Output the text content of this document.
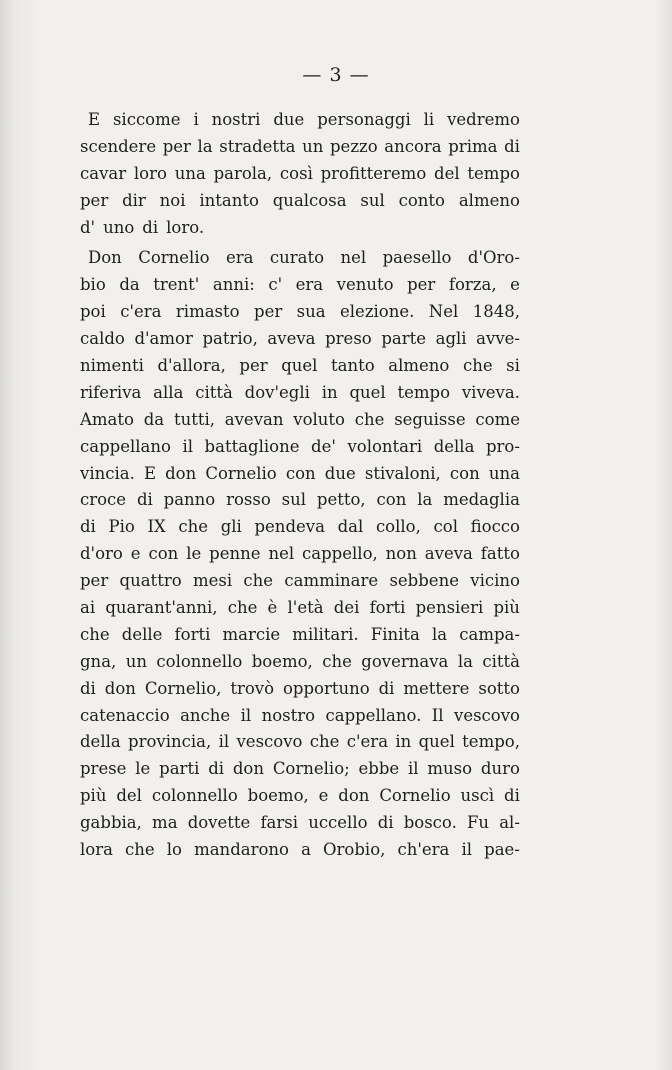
— 3 —
E siccome i nostri due personaggi li vedremo
scendere per la stradetta un pezzo ancora prima di
cavar loro una parola, così profitteremo del tempo
per dir noi intanto qualcosa sul conto almeno
d' uno di loro.
Don Cornelio era curato nel paesello d'Oro-
bio da trent' anni: c' era venuto per forza, e
poi c'era rimasto per sua elezione. Nel 1848,
caldo d'amor patrio, aveva preso parte agli avve-
nimenti d'allora, per quel tanto almeno che si
riferiva alla città dov'egli in quel tempo viveva.
Amato da tutti, avevan voluto che seguisse come
cappellano il battaglione de' volontari della pro-
vincia. E don Cornelio con due stivaloni, con una
croce di panno rosso sul petto, con la medaglia
di Pio IX che gli pendeva dal collo, col fiocco
d'oro e con le penne nel cappello, non aveva fatto
per quattro mesi che camminare sebbene vicino
ai quarant'anni, che è l'età dei forti pensieri più
che delle forti marcie militari. Finita la campa-
gna, un colonnello boemo, che governava la città
di don Cornelio, trovò opportuno di mettere sotto
catenaccio anche il nostro cappellano. Il vescovo
della provincia, il vescovo che c'era in quel tempo,
prese le parti di don Cornelio; ebbe il muso duro
più del colonnello boemo, e don Cornelio uscì di
gabbia, ma dovette farsi uccello di bosco. Fu al-
lora che lo mandarono a Orobio, ch'era il pae-
